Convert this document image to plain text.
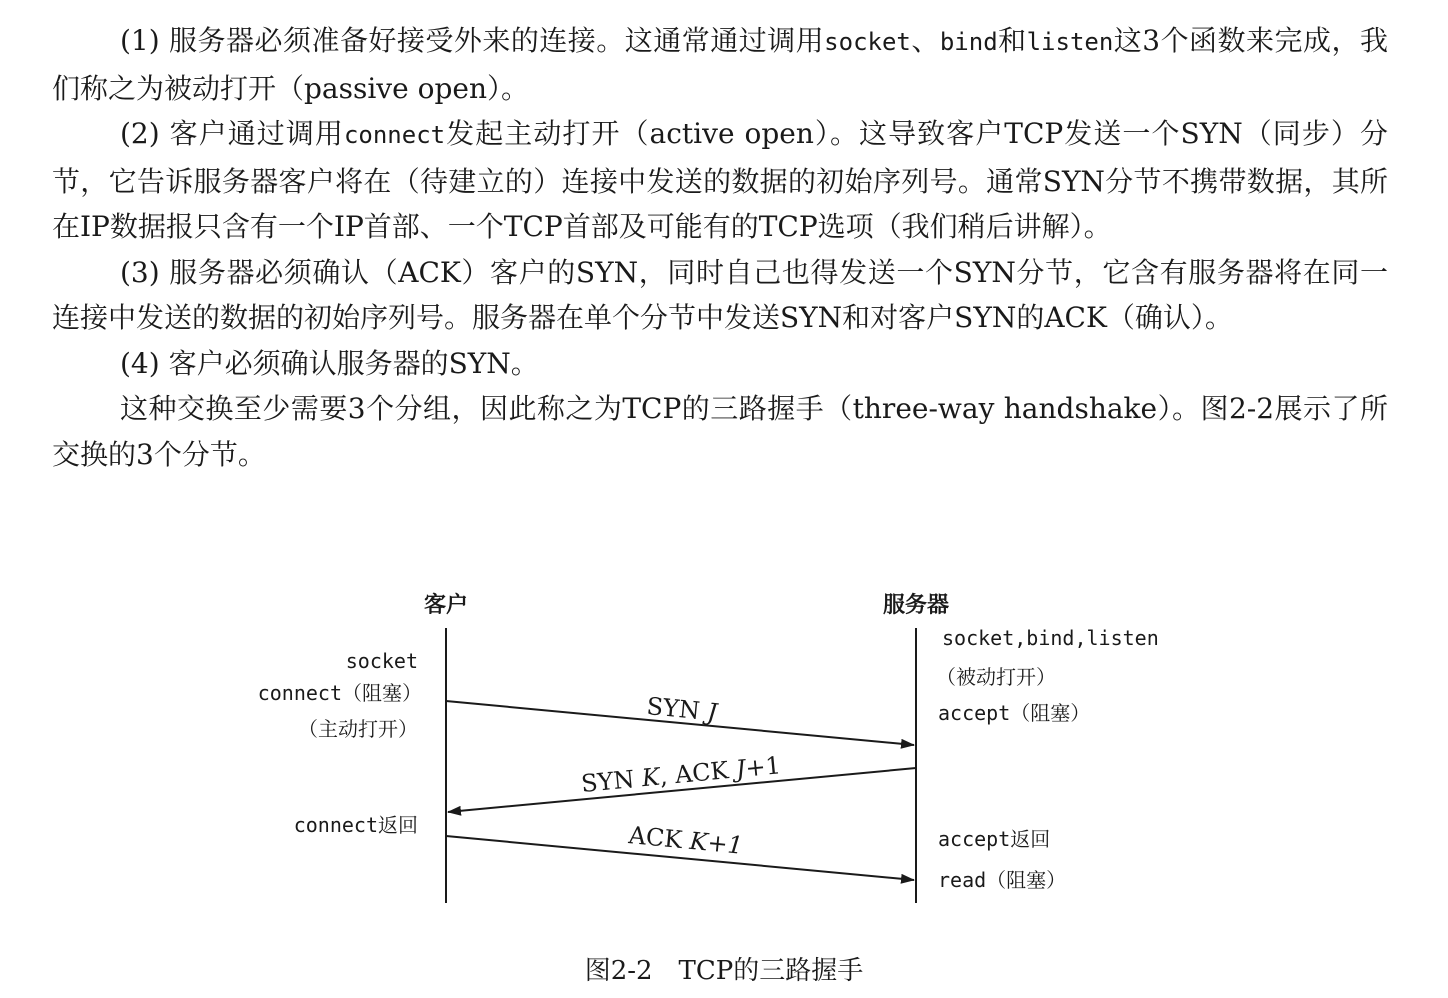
(1) 服务器必须准备好接受外来的连接。这通常通过调用socket、bind和listen这3个函数来完成，我们称之为被动打开（passive open）。

(2) 客户通过调用connect发起主动打开（active open）。这导致客户TCP发送一个SYN（同步）分节，它告诉服务器客户将在（待建立的）连接中发送的数据的初始序列号。通常SYN分节不携带数据，其所在IP数据报只含有一个IP首部、一个TCP首部及可能有的TCP选项（我们稍后讲解）。

(3) 服务器必须确认（ACK）客户的SYN，同时自己也得发送一个SYN分节，它含有服务器将在同一连接中发送的数据的初始序列号。服务器在单个分节中发送SYN和对客户SYN的ACK（确认）。

(4) 客户必须确认服务器的SYN。

这种交换至少需要3个分组，因此称之为TCP的三路握手（three-way handshake）。图2-2展示了所交换的3个分节。

客户	服务器
SYN J
SYN K, ACK J+1
ACK K+1
socket
connect（阻塞）
（主动打开）
connect返回
socket,bind,listen
（被动打开）
accept（阻塞）
accept返回
read（阻塞）
图2-2　TCP的三路握手
